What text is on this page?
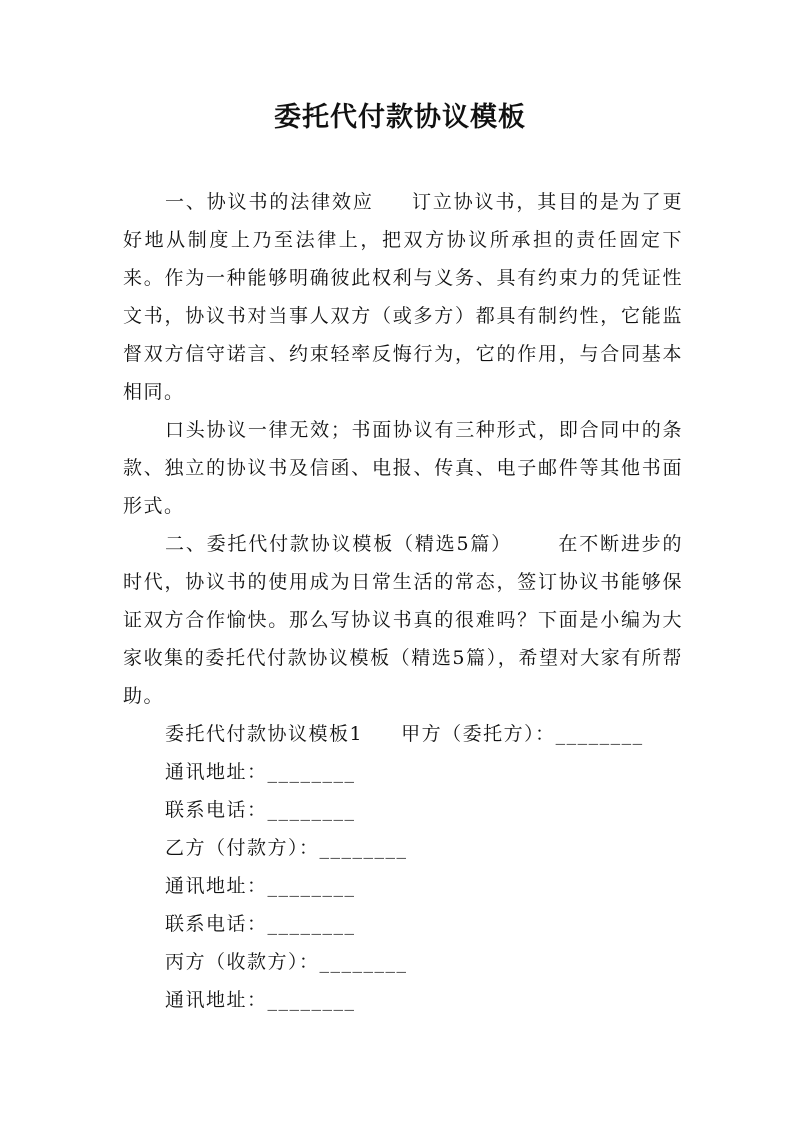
委托代付款协议模板

一、协议书的法律效应 订立协议书，其目的是为了更好地从制度上乃至法律上，把双方协议所承担的责任固定下来。作为一种能够明确彼此权利与义务、具有约束力的凭证性文书，协议书对当事人双方（或多方）都具有制约性，它能监督双方信守诺言、约束轻率反悔行为，它的作用，与合同基本相同。

口头协议一律无效；书面协议有三种形式，即合同中的条款、独立的协议书及信函、电报、传真、电子邮件等其他书面形式。

二、委托代付款协议模板（精选5篇） 在不断进步的时代，协议书的使用成为日常生活的常态，签订协议书能够保证双方合作愉快。那么写协议书真的很难吗？下面是小编为大家收集的委托代付款协议模板（精选5篇），希望对大家有所帮助。

委托代付款协议模板1 甲方（委托方）：________

通讯地址：________

联系电话：________

乙方（付款方）：________

通讯地址：________

联系电话：________

丙方（收款方）：________

通讯地址：________
